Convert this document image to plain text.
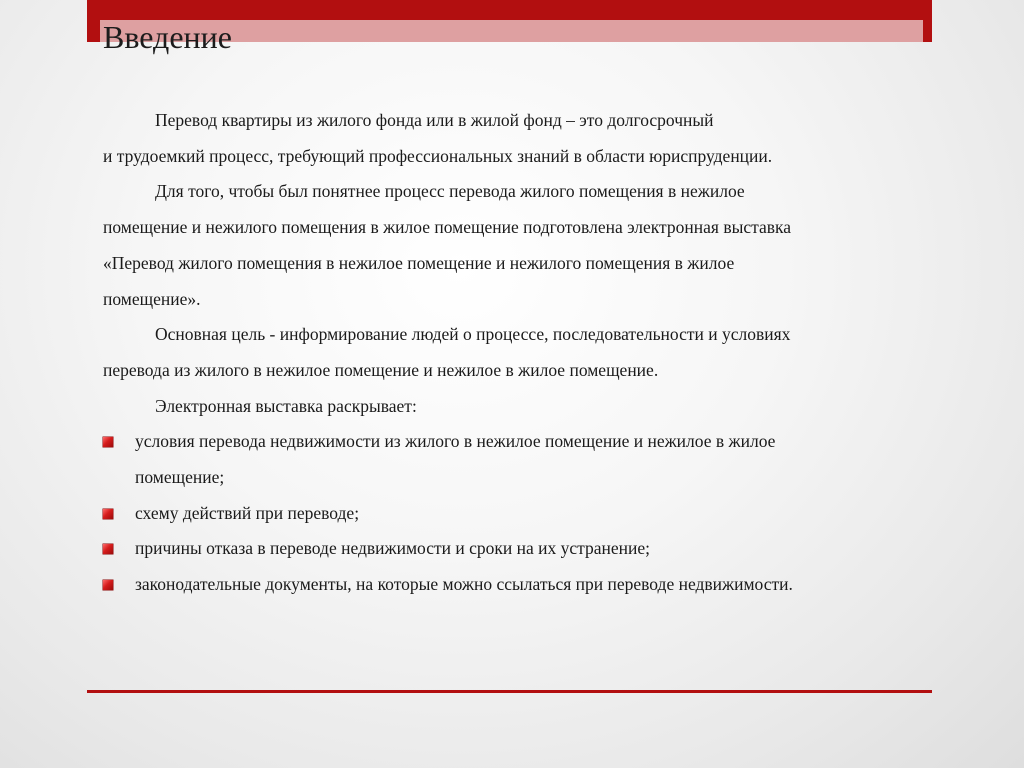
Введение

Перевод квартиры из жилого фонда или в жилой фонд – это долгосрочный
и трудоемкий процесс, требующий профессиональных знаний в области юриспруденции.

Для того, чтобы был понятнее процесс перевода жилого помещения в нежилое
помещение и нежилого помещения в жилое помещение подготовлена электронная выставка
«Перевод жилого помещения в нежилое помещение и нежилого помещения в жилое
помещение».

Основная цель - информирование людей о процессе, последовательности и условиях
перевода из жилого в нежилое помещение и нежилое в жилое помещение.

Электронная выставка раскрывает:

условия перевода недвижимости из жилого в нежилое помещение и нежилое в жилое
помещение;
схему действий при переводе;
причины отказа в переводе недвижимости и сроки на их устранение;
законодательные документы, на которые можно ссылаться при переводе недвижимости.
